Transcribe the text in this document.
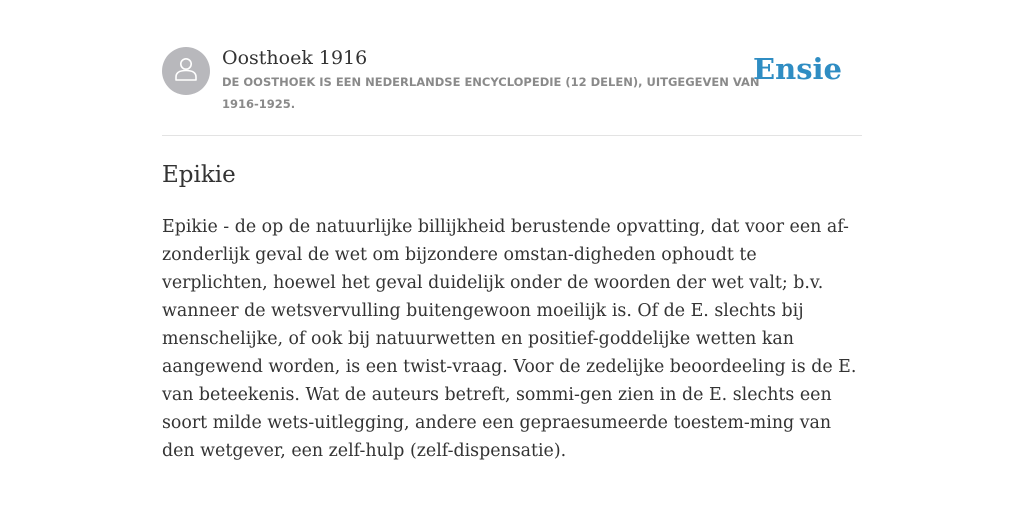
Oosthoek 1916
DE OOSTHOEK IS EEN NEDERLANDSE ENCYCLOPEDIE (12 DELEN), UITGEGEVEN VAN 1916-1925.
Ensie
Epikie

Epikie - de op de natuurlijke billijkheid berustende opvatting, dat voor een af-zonderlijk geval de wet om bijzondere omstan-digheden ophoudt te verplichten, hoewel het geval duidelijk onder de woorden der wet valt; b.v. wanneer de wetsvervulling buitengewoon moeilijk is. Of de E. slechts bij menschelijke, of ook bij natuurwetten en positief-goddelijke wetten kan aangewend worden, is een twist-vraag. Voor de zedelijke beoordeeling is de E. van beteekenis. Wat de auteurs betreft, sommi-gen zien in de E. slechts een soort milde wets-uitlegging, andere een gepraesumeerde toestem-ming van den wetgever, een zelf-hulp (zelf-dispensatie).
